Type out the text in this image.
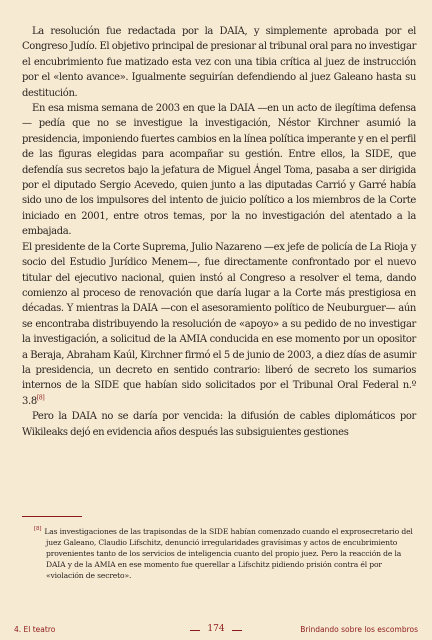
La resolución fue redactada por la DAIA, y simplemente aprobada por el Congreso Judío. El objetivo principal de presionar al tribunal oral para no investigar el encubrimiento fue matizado esta vez con una tibia crítica al juez de instrucción por el «lento avance». Igualmente seguirían defendiendo al juez Galeano hasta su destitución.

En esa misma semana de 2003 en que la DAIA —en un acto de ilegítima defensa— pedía que no se investigue la investigación, Néstor Kirchner asumió la presidencia, imponiendo fuertes cambios en la línea política imperante y en el perfil de las figuras elegidas para acompañar su gestión. Entre ellos, la SIDE, que defendía sus secretos bajo la jefatura de Miguel Ángel Toma, pasaba a ser dirigida por el diputado Sergio Acevedo, quien junto a las diputadas Carrió y Garré había sido uno de los impulsores del intento de juicio político a los miembros de la Corte iniciado en 2001, entre otros temas, por la no investigación del atentado a la embajada.

El presidente de la Corte Suprema, Julio Nazareno —ex jefe de policía de La Rioja y socio del Estudio Jurídico Menem—, fue directamente confrontado por el nuevo titular del ejecutivo nacional, quien instó al Congreso a resolver el tema, dando comienzo al proceso de renovación que daría lugar a la Corte más prestigiosa en décadas. Y mientras la DAIA —con el asesoramiento político de Neuburguer— aún se encontraba distribuyendo la resolución de «apoyo» a su pedido de no investigar la investigación, a solicitud de la AMIA conducida en ese momento por un opositor a Beraja, Abraham Kaúl, Kirchner firmó el 5 de junio de 2003, a diez días de asumir la presidencia, un decreto en sentido contrario: liberó de secreto los sumarios internos de la SIDE que habían sido solicitados por el Tribunal Oral Federal n.º 3.8[8]

Pero la DAIA no se daría por vencida: la difusión de cables diplomáticos por Wikileaks dejó en evidencia años después las subsiguientes gestiones

[8] Las investigaciones de las trapisondas de la SIDE habían comenzado cuando el exprosecretario del juez Galeano, Claudio Lifschitz, denunció irregularidades gravísimas y actos de encubrimiento provenientes tanto de los servicios de inteligencia cuanto del propio juez. Pero la reacción de la DAIA y de la AMIA en ese momento fue querellar a Lifschitz pidiendo prisión contra él por «violación de secreto».
4. El teatro	174	Brindando sobre los escombros
